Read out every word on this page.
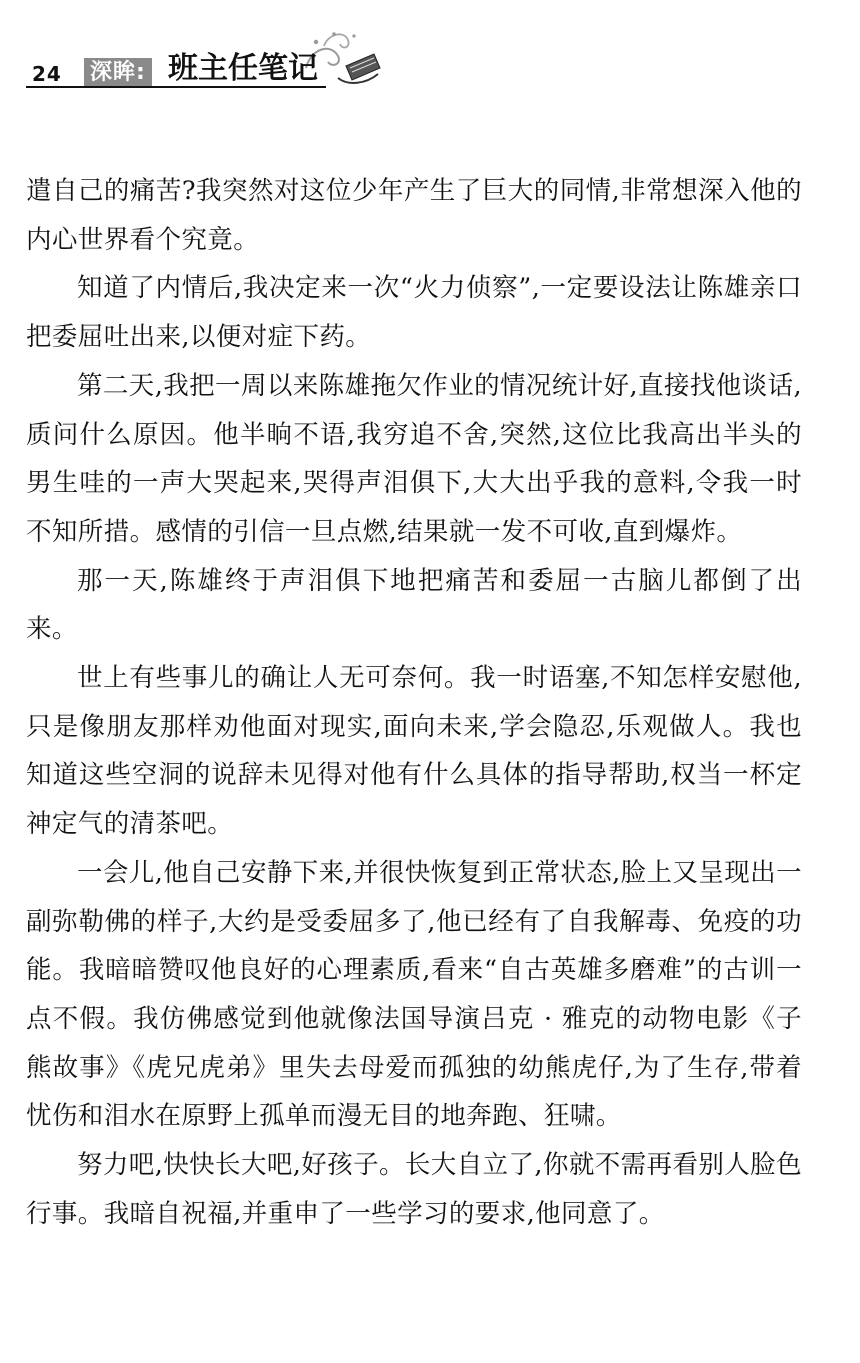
24 深眸: 班主任笔记

遣自己的痛苦?我突然对这位少年产生了巨大的同情,非常想深入他的内心世界看个究竟。

知道了内情后,我决定来一次“火力侦察”,一定要设法让陈雄亲口把委屈吐出来,以便对症下药。

第二天,我把一周以来陈雄拖欠作业的情况统计好,直接找他谈话,质问什么原因。他半晌不语,我穷追不舍,突然,这位比我高出半头的男生哇的一声大哭起来,哭得声泪俱下,大大出乎我的意料,令我一时不知所措。感情的引信一旦点燃,结果就一发不可收,直到爆炸。

那一天,陈雄终于声泪俱下地把痛苦和委屈一古脑儿都倒了出来。

世上有些事儿的确让人无可奈何。我一时语塞,不知怎样安慰他,只是像朋友那样劝他面对现实,面向未来,学会隐忍,乐观做人。我也知道这些空洞的说辞未见得对他有什么具体的指导帮助,权当一杯定神定气的清茶吧。

一会儿,他自己安静下来,并很快恢复到正常状态,脸上又呈现出一副弥勒佛的样子,大约是受委屈多了,他已经有了自我解毒、免疫的功能。我暗暗赞叹他良好的心理素质,看来“自古英雄多磨难”的古训一点不假。我仿佛感觉到他就像法国导演吕克 · 雅克的动物电影《子熊故事》《虎兄虎弟》里失去母爱而孤独的幼熊虎仔,为了生存,带着忧伤和泪水在原野上孤单而漫无目的地奔跑、狂啸。

努力吧,快快长大吧,好孩子。长大自立了,你就不需再看别人脸色行事。我暗自祝福,并重申了一些学习的要求,他同意了。
